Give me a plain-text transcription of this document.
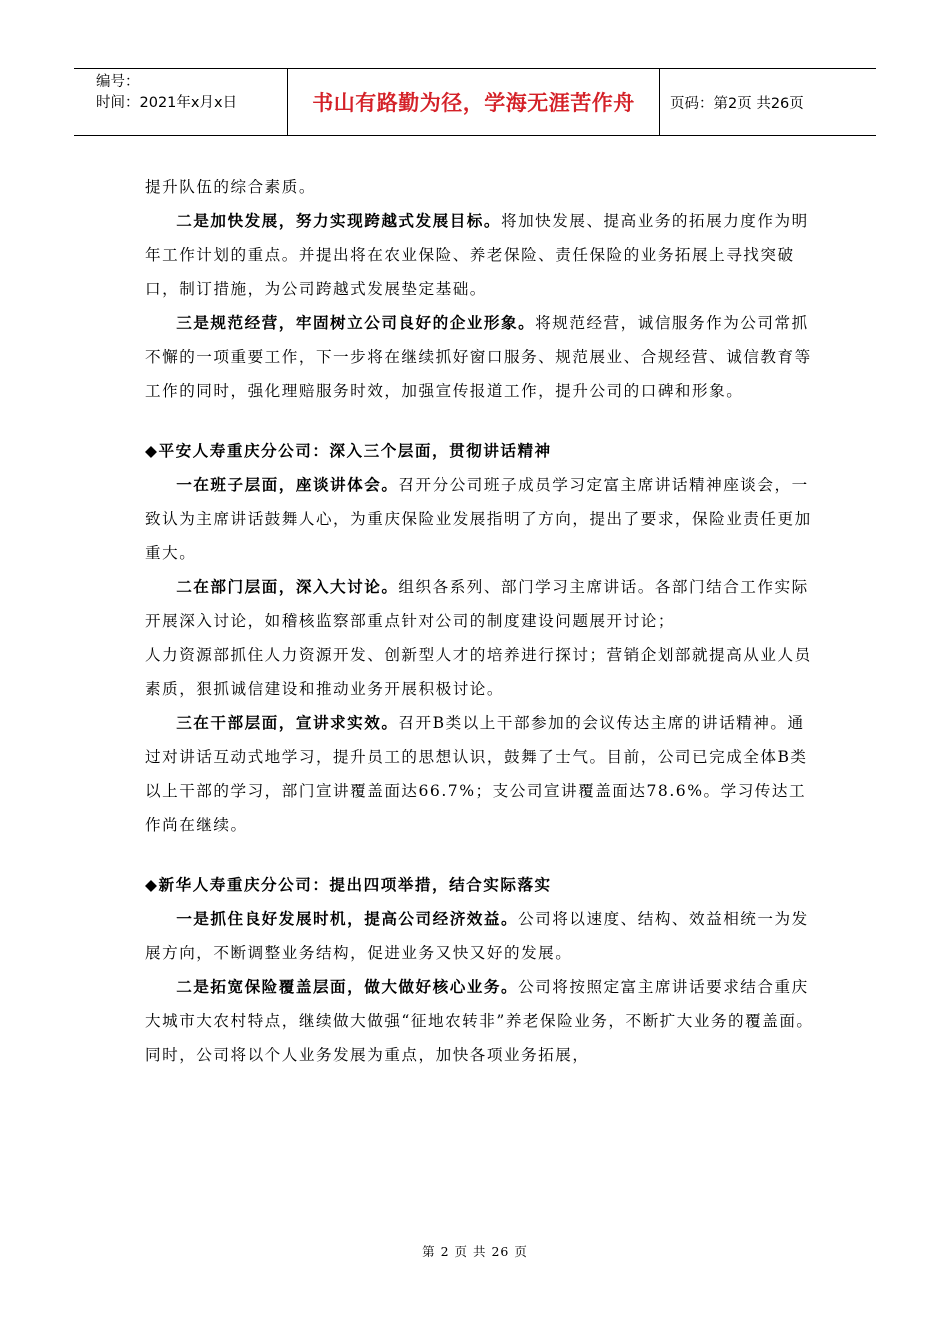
编号：
时间：2021年x月x日	书山有路勤为径，学海无涯苦作舟	页码：第2页 共26页

提升队伍的综合素质。

二是加快发展，努力实现跨越式发展目标。将加快发展、提高业务的拓展力度作为明年工作计划的重点。并提出将在农业保险、养老保险、责任保险的业务拓展上寻找突破口，制订措施，为公司跨越式发展垫定基础。

三是规范经营，牢固树立公司良好的企业形象。将规范经营，诚信服务作为公司常抓不懈的一项重要工作，下一步将在继续抓好窗口服务、规范展业、合规经营、诚信教育等工作的同时，强化理赔服务时效，加强宣传报道工作，提升公司的口碑和形象。

◆平安人寿重庆分公司：深入三个层面，贯彻讲话精神

一在班子层面，座谈讲体会。召开分公司班子成员学习定富主席讲话精神座谈会，一致认为主席讲话鼓舞人心，为重庆保险业发展指明了方向，提出了要求，保险业责任更加重大。

二在部门层面，深入大讨论。组织各系列、部门学习主席讲话。各部门结合工作实际开展深入讨论，如稽核监察部重点针对公司的制度建设问题展开讨论；

人力资源部抓住人力资源开发、创新型人才的培养进行探讨；营销企划部就提高从业人员素质，狠抓诚信建设和推动业务开展积极讨论。

三在干部层面，宣讲求实效。召开B类以上干部参加的会议传达主席的讲话精神。通过对讲话互动式地学习，提升员工的思想认识，鼓舞了士气。目前，公司已完成全体B类以上干部的学习，部门宣讲覆盖面达66.7%；支公司宣讲覆盖面达78.6%。学习传达工作尚在继续。

◆新华人寿重庆分公司：提出四项举措，结合实际落实

一是抓住良好发展时机，提高公司经济效益。公司将以速度、结构、效益相统一为发展方向，不断调整业务结构，促进业务又快又好的发展。

二是拓宽保险覆盖层面，做大做好核心业务。公司将按照定富主席讲话要求结合重庆大城市大农村特点，继续做大做强“征地农转非”养老保险业务，不断扩大业务的覆盖面。同时，公司将以个人业务发展为重点，加快各项业务拓展，

第 2 页 共 26 页
